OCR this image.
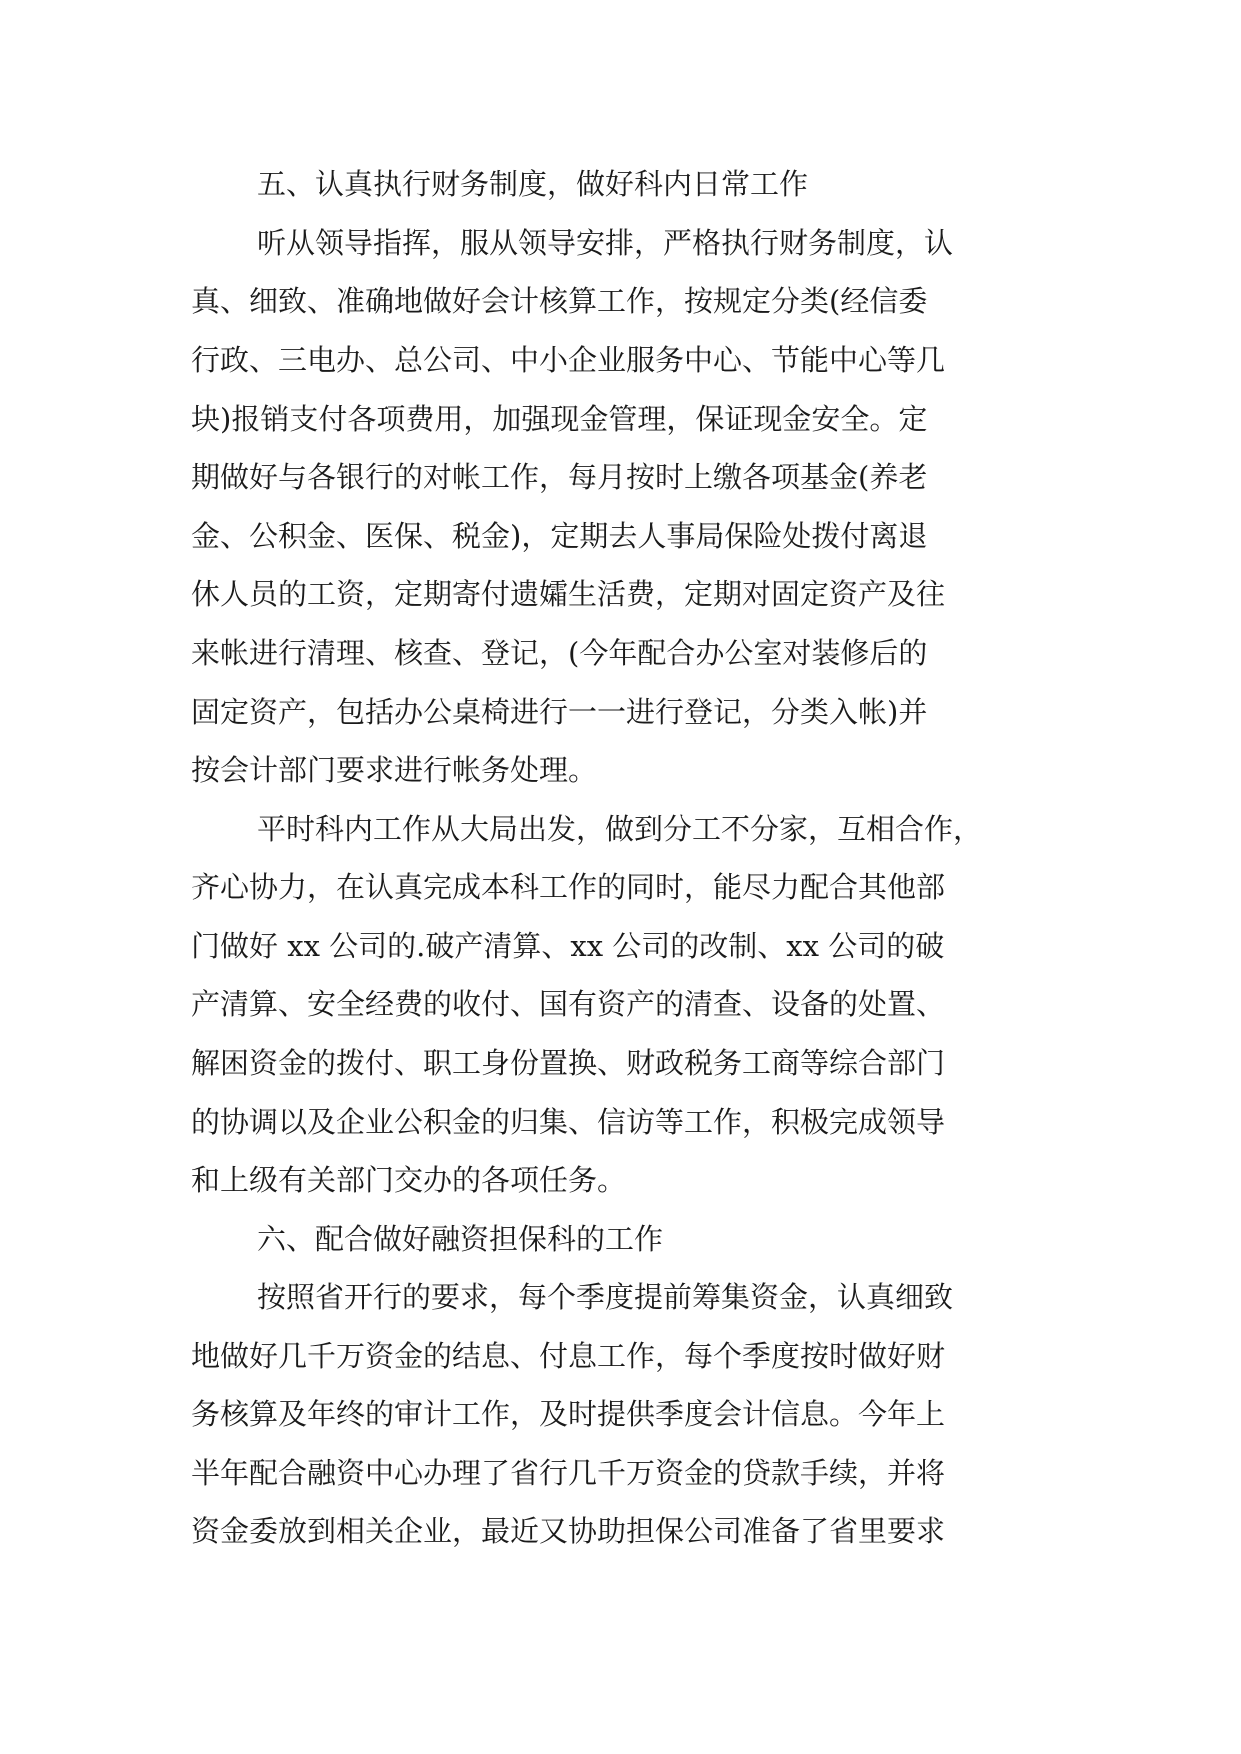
五、认真执行财务制度，做好科内日常工作

听从领导指挥，服从领导安排，严格执行财务制度，认

真、细致、准确地做好会计核算工作，按规定分类(经信委

行政、三电办、总公司、中小企业服务中心、节能中心等几

块)报销支付各项费用，加强现金管理，保证现金安全。定

期做好与各银行的对帐工作，每月按时上缴各项基金(养老

金、公积金、医保、税金)，定期去人事局保险处拨付离退

休人员的工资，定期寄付遗孀生活费，定期对固定资产及往

来帐进行清理、核查、登记，(今年配合办公室对装修后的

固定资产，包括办公桌椅进行一一进行登记，分类入帐)并

按会计部门要求进行帐务处理。

平时科内工作从大局出发，做到分工不分家，互相合作，

齐心协力，在认真完成本科工作的同时，能尽力配合其他部

门做好 xx 公司的.破产清算、xx 公司的改制、xx 公司的破

产清算、安全经费的收付、国有资产的清查、设备的处置、

解困资金的拨付、职工身份置换、财政税务工商等综合部门

的协调以及企业公积金的归集、信访等工作，积极完成领导

和上级有关部门交办的各项任务。

六、配合做好融资担保科的工作

按照省开行的要求，每个季度提前筹集资金，认真细致

地做好几千万资金的结息、付息工作，每个季度按时做好财

务核算及年终的审计工作，及时提供季度会计信息。今年上

半年配合融资中心办理了省行几千万资金的贷款手续，并将

资金委放到相关企业，最近又协助担保公司准备了省里要求
